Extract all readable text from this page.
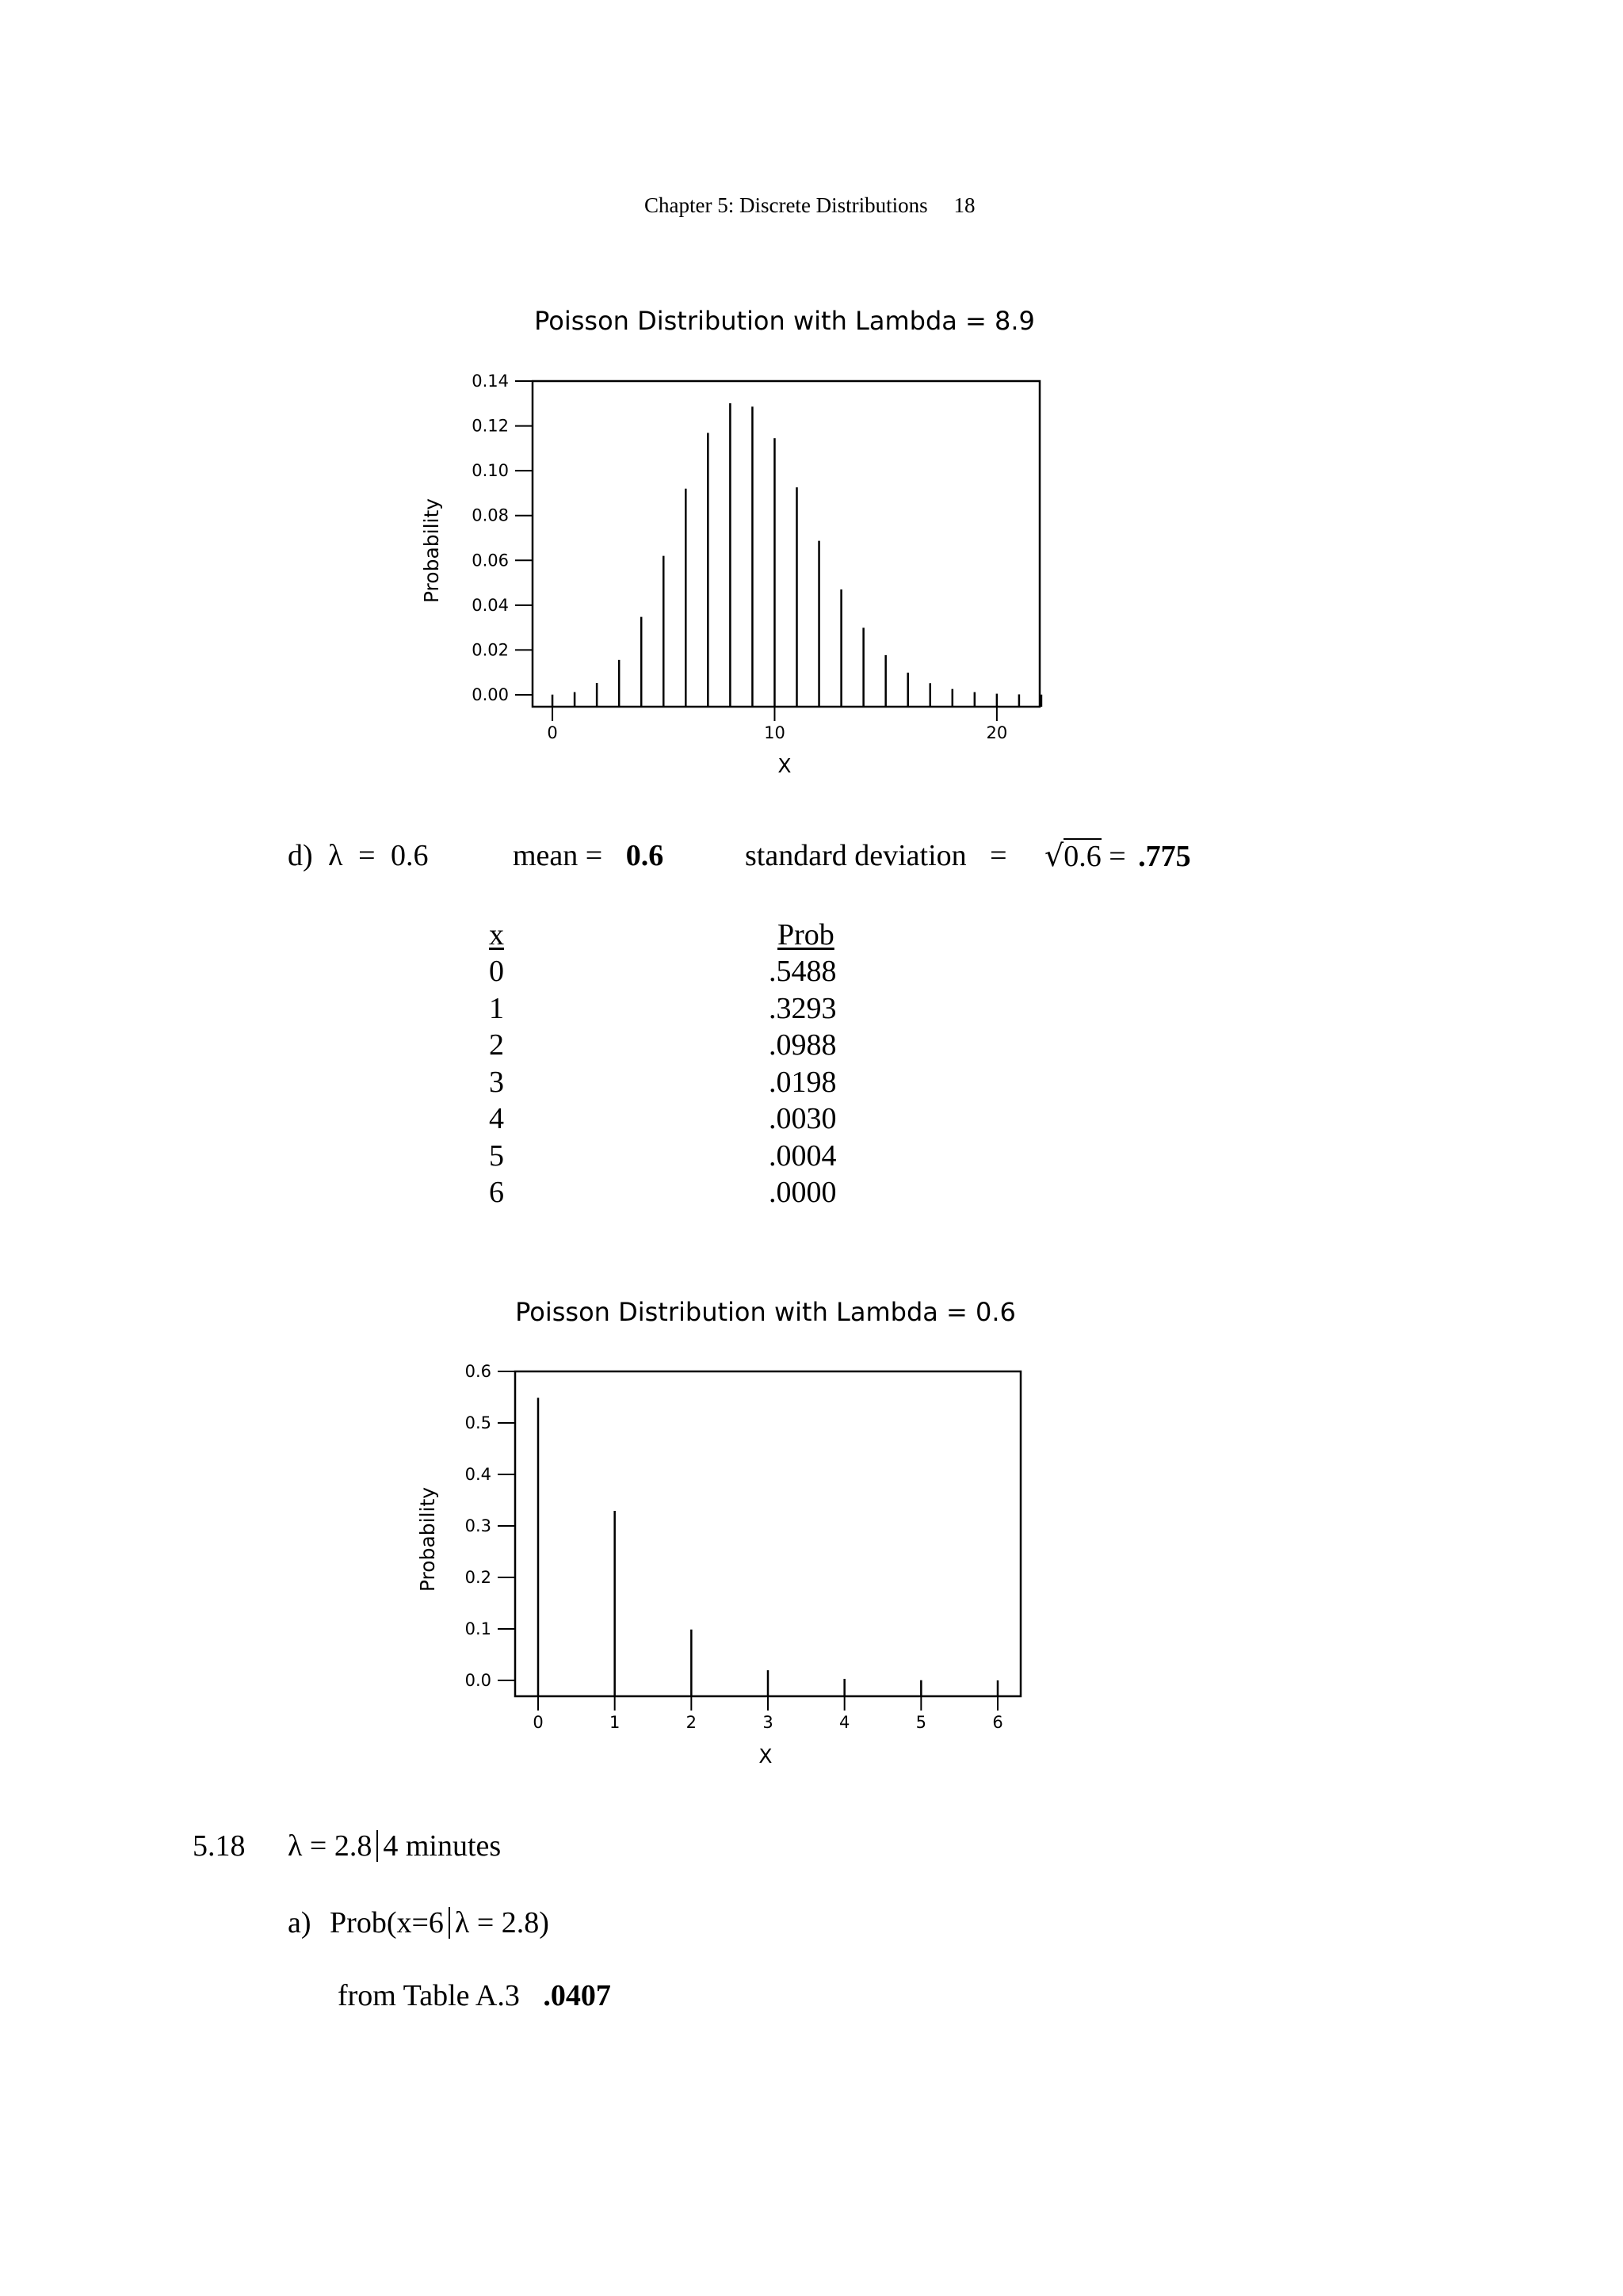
Chapter 5: Discrete Distributions 18
Poisson Distribution with Lambda = 8.9
0.00
0.02
0.04
0.06
0.08
0.10
0.12
0.14
0	10	20
X
Probability
d) λ = 0.6	mean = 0.6	standard deviation = √0.6 = .775
x	Prob
0	.5488
1	.3293
2	.0988
3	.0198
4	.0030
5	.0004
6	.0000
Poisson Distribution with Lambda = 0.6
0.0
0.1
0.2
0.3
0.4
0.5
0.6
0	1	2	3	4	5	6
X
Probability
5.18 λ = 2.8 4 minutes
a) Prob(x=6 λ = 2.8)
from Table A.3 .0407
